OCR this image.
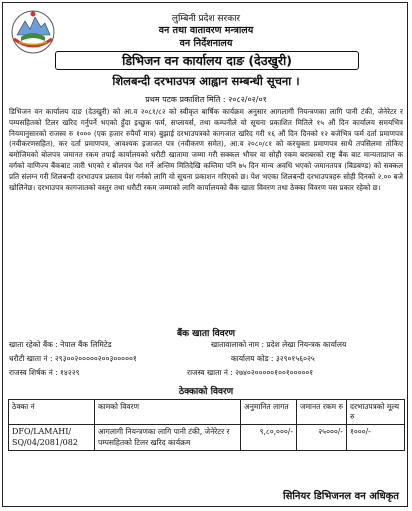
लुम्बिनी प्रदेश सरकार
वन तथा वातावरण मन्त्रालय
वन निर्देशनालय
डिभिजन वन कार्यालय दाङ (देउखुरी)
शिलबन्दी दरभाउपत्र आह्वान सम्बन्धी सूचना ।
प्रथम पटक प्रकाशित मिति : २०८२/०२/०१
डिभिजन वन कार्यालय दाङ (देउखुरी) को आ.व २०८१/८२ को स्वीकृत बार्षिक कार्यक्रम अनुसार आगलागी नियन्त्रणका लागि पानी टंकी, जेनेरेटर र पम्पसहितको टिलर खरिद गर्नुपर्ने भएको हुँदा इच्छुक फर्म, सप्लायर्स, तथा कम्पनीले यो सूचना प्रकाशित मितिले १५ औं दिन कार्यालय समयभित्र नियमानुसारको राजस्व रु १००० (एक हजार रुपैयाँ मात्र) बुझाई दरभाउपत्रको कागजात खरिद गरी १६ औं दिन दिनको १२ बजेभित्र फर्म दर्ता प्रमाणपत्र (नवीकरणसहित), कर दर्ता प्रमाणपत्र, आवश्यक इजाजत पत्र (नवीकरण समेत), आ.व २०८०/८१ को करचुक्ता प्रमाणपत्र साथै तपसिलमा तोकिए बमोजिमको बोलपत्र जमानत रकम तपाई कार्यालयको धरौटी खातामा जम्मा गरी सक्कल भौचर वा सोही रकम बराबरको राष्ट्र बैंक बाट मान्यताप्राप्त क वर्गको वाणिज्य बैंकबाट जारी भएको र बोलपत्र पेश गर्ने अन्तिम मितिदेखि कम्तिमा पनि ७५ दिन मान्य अवधि भएको जमानतपत्र (बिडबण्ड) को सक्कल प्रति संलग्न गरी शिलबन्दी दरभाउपत्र प्रस्ताव पेश गर्नको लागि यो सूचना प्रकाशन गरिएको छ। पेश भएका शिलबन्दी दरभाउपत्रहरु सोही दिनको २.०० बजे खोलिनेछ। दरभाउपत्र कागजातको वस्तुर तथा धरौटी रकम जम्माको लागि कार्यालयको बैंक खाता विवरण तथा ठेक्का विवरण यस प्रकार रहेको छ।
बैंक खाता विवरण
खाता रहेको बैंक : नेपाल बैंक लिमिटेड	खातावालाको नाम : प्रदेश लेखा नियन्त्रक कार्यालय
धरौटी खाता नं : २९३००२०००००२००३०००००१	कार्यालय कोड : ३२९०१५६०२५
राजस्व शिर्षक नं : १४२२९	राजस्व खाता नं : २७४०२०००००१००१०००००१
ठेक्काको विवरण
ठेक्का नं	कामको विवरण	अनुमानित लागत	जमानत रकम रु	दरभाउपत्रको मूल्य रु
DFO/LAMAHI/ SQ/04/2081/082	आगलागी नियन्त्रणका लागि पानी टंकी, जेनेरेटर र पम्पसहितको टिलर खरिद कार्यक्रम	९,८०,०००/-	२५०००/-	१०००/-
सिनियर डिभिजनल वन अधिकृत
